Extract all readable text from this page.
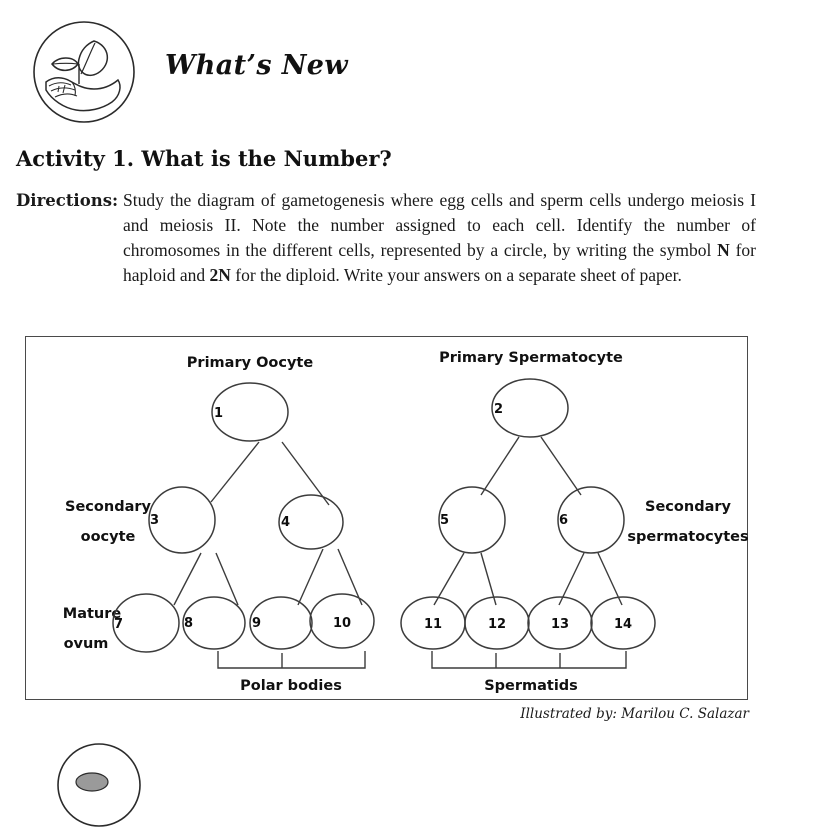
What’s New
Activity 1. What is the Number?
Directions: Study the diagram of gametogenesis where egg cells and sperm cells undergo meiosis I and meiosis II. Note the number assigned to each cell. Identify the number of chromosomes in the different cells, represented by a circle, by writing the symbol N for haploid and 2N for the diploid. Write your answers on a separate sheet of paper.
Primary Oocyte	Primary Spermatocyte
Secondary
oocyte
Mature
ovum
Secondary
spermatocytes
1
3	4
7	8	9	10
Polar bodies
2
5	6
11	12	13	14
Spermatids
Illustrated by: Marilou C. Salazar
